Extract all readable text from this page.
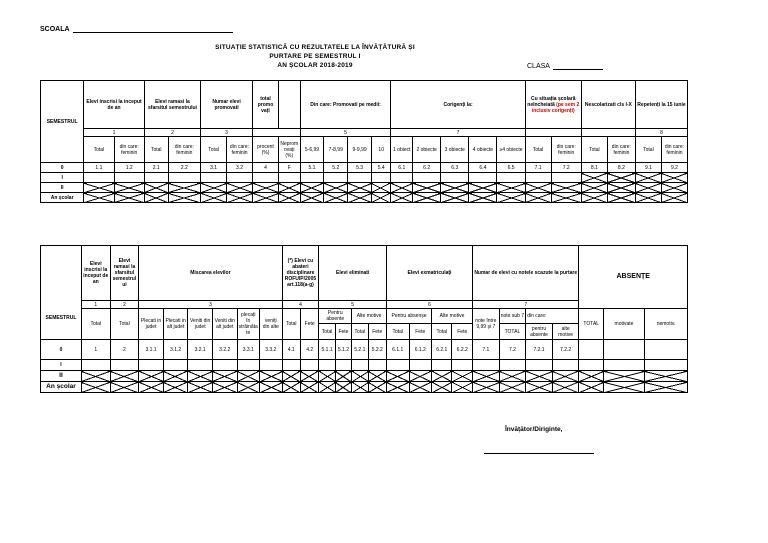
SCOALA
SITUAȚIE STATISTICĂ CU REZULTATELE LA ÎNVĂȚĂTURĂ ȘI
PURTARE PE SEMESTRUL I
AN ȘCOLAR 2018-2019	CLASA
SEMESTRUL	Elevi inscrisi la inceput de an		Elevi ramasi la sfarsitul semestrului		Numar elevi promovati		total promo vați		Din care: Promovati pe medii:				Corigenți la:					Cu situația școlară neîncheiată (pe sem 2 inclusiv corigenți)		Nescolarizati cls I-X		Repetenți la 15 iunie	
	1		2		3				5				7									8	
	Total	din care: feminin	Total	din care: feminin	Total	din care: feminin	procent (%)	Nepromovați (%)	5-6,99	7-8,99	9-9,99	10	1 obiect	2 obiecte	3 obiecte	4 obiecte	≥4 obiecte	Total	din care: feminin	Total	din care: feminin	Total	din care: feminin
0	1.1	1.2	2.1	2.2	3.1	3.2	4	F	5.1	5.2	5.3	5.4	6.1	6.2	6.3	6.4	6.5	7.1	7.2	8.1	8.2	9.1	9.2
I																							
II																							
An școlar																							
SEMESTRUL	Elevi inscrisi la inceput de an	Elevi ramasi la sfarsitul semestrului	Miscarea elevilor						(*) Elevi cu abateri disciplinare ROFUIP/2005 art.118(a-g)		Elevi eliminati				Elevi exmatriculați				Numar de elevi cu notele scazute la purtare				ABSENȚE		
	1	2	3						4		5				6				7						
	Total	Total	Plecati in judet	Plecati in alt judet	Veniti din judet	Veniti din alt judet	plecați în străinătate	veniți din alte	Total	Fete	Pentru absente		Alte motive		Pentru absenșe		Alte motive		note între 9,99 și 7	note sub 7	din care:		TOTAL	motivate	nemotiv.
											Total	Fete	Total	Fete	Total	Fete	Total	Fete		TOTAL	pentru absente	alte motive			
0	1	2	3.1.1	3.1.2	3.2.1	3.2.2	3.3.1	3.3.2	4.1	4.2	5.1.1	5.1.2	5.2.1	5.2.2	6.1.1	6.1.2	6.2.1	6.2.2	7.1	7.2	7.2.1	7.2.2			
I																									
II																									
An școlar																									
Învățător/Diriginte,
